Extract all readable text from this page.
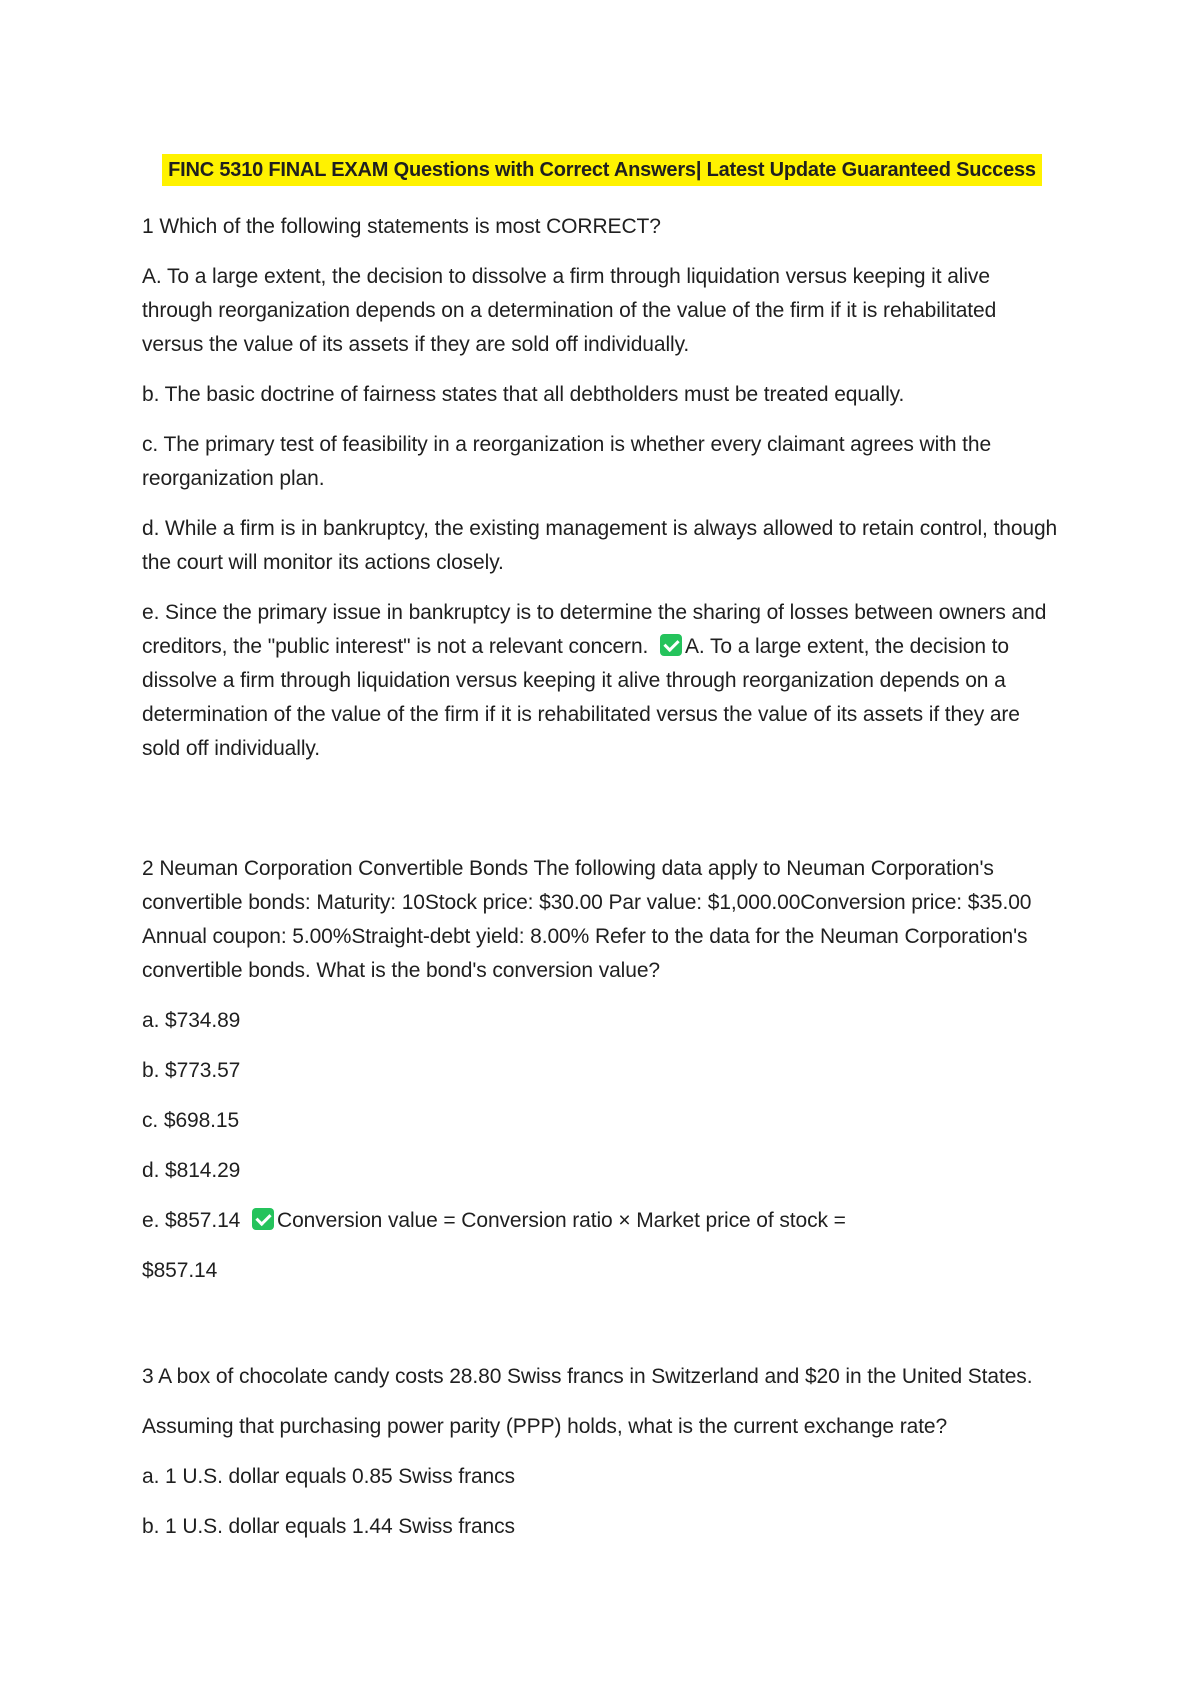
FINC 5310 FINAL EXAM Questions with Correct Answers| Latest Update Guaranteed Success

1 Which of the following statements is most CORRECT?

A. To a large extent, the decision to dissolve a firm through liquidation versus keeping it alive through reorganization depends on a determination of the value of the firm if it is rehabilitated versus the value of its assets if they are sold off individually.

b. The basic doctrine of fairness states that all debtholders must be treated equally.

c. The primary test of feasibility in a reorganization is whether every claimant agrees with the reorganization plan.

d. While a firm is in bankruptcy, the existing management is always allowed to retain control, though the court will monitor its actions closely.

e. Since the primary issue in bankruptcy is to determine the sharing of losses between owners and creditors, the "public interest" is not a relevant concern. A. To a large extent, the decision to dissolve a firm through liquidation versus keeping it alive through reorganization depends on a determination of the value of the firm if it is rehabilitated versus the value of its assets if they are sold off individually.

2 Neuman Corporation Convertible Bonds The following data apply to Neuman Corporation's convertible bonds: Maturity: 10Stock price: $30.00 Par value: $1,000.00Conversion price: $35.00 Annual coupon: 5.00%Straight-debt yield: 8.00% Refer to the data for the Neuman Corporation's convertible bonds. What is the bond's conversion value?

a. $734.89

b. $773.57

c. $698.15

d. $814.29

e. $857.14 Conversion value = Conversion ratio × Market price of stock =

$857.14

3 A box of chocolate candy costs 28.80 Swiss francs in Switzerland and $20 in the United States.

Assuming that purchasing power parity (PPP) holds, what is the current exchange rate?

a. 1 U.S. dollar equals 0.85 Swiss francs

b. 1 U.S. dollar equals 1.44 Swiss francs
